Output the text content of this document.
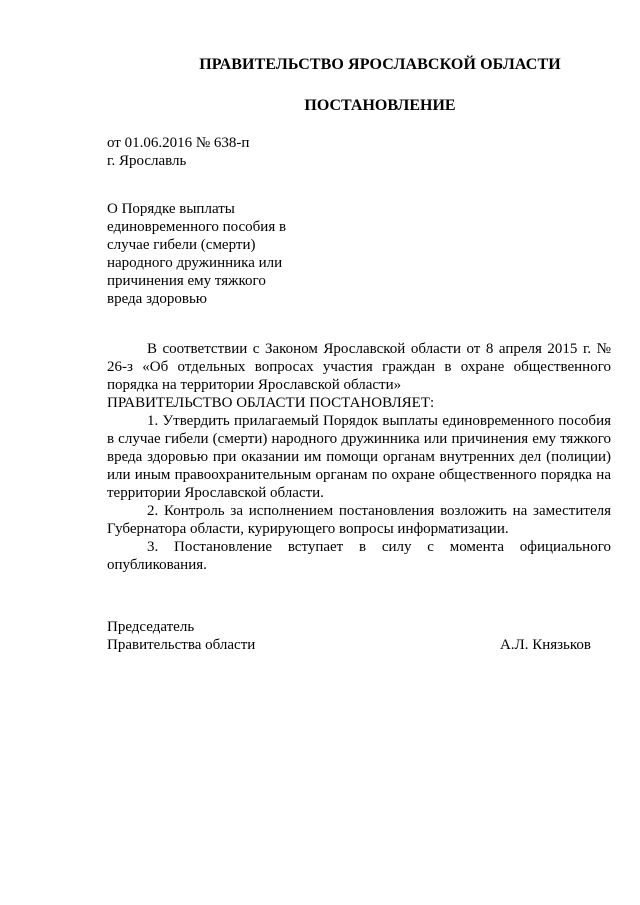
ПРАВИТЕЛЬСТВО ЯРОСЛАВСКОЙ ОБЛАСТИ
ПОСТАНОВЛЕНИЕ
от 01.06.2016 № 638-п
г. Ярославль
О Порядке выплаты
единовременного пособия в
случае гибели (смерти)
народного дружинника или
причинения ему тяжкого
вреда здоровью

В соответствии с Законом Ярославской области от 8 апреля 2015 г. № 26-з «Об отдельных вопросах участия граждан в охране общественного порядка на территории Ярославской области»

ПРАВИТЕЛЬСТВО ОБЛАСТИ ПОСТАНОВЛЯЕТ:

1. Утвердить прилагаемый Порядок выплаты единовременного пособия в случае гибели (смерти) народного дружинника или причинения ему тяжкого вреда здоровью при оказании им помощи органам внутренних дел (полиции) или иным правоохранительным органам по охране общественного порядка на территории Ярославской области.

2. Контроль за исполнением постановления возложить на заместителя Губернатора области, курирующего вопросы информатизации.

3. Постановление вступает в силу с момента официального опубликования.

Председатель
Правительства области	А.Л. Князьков
